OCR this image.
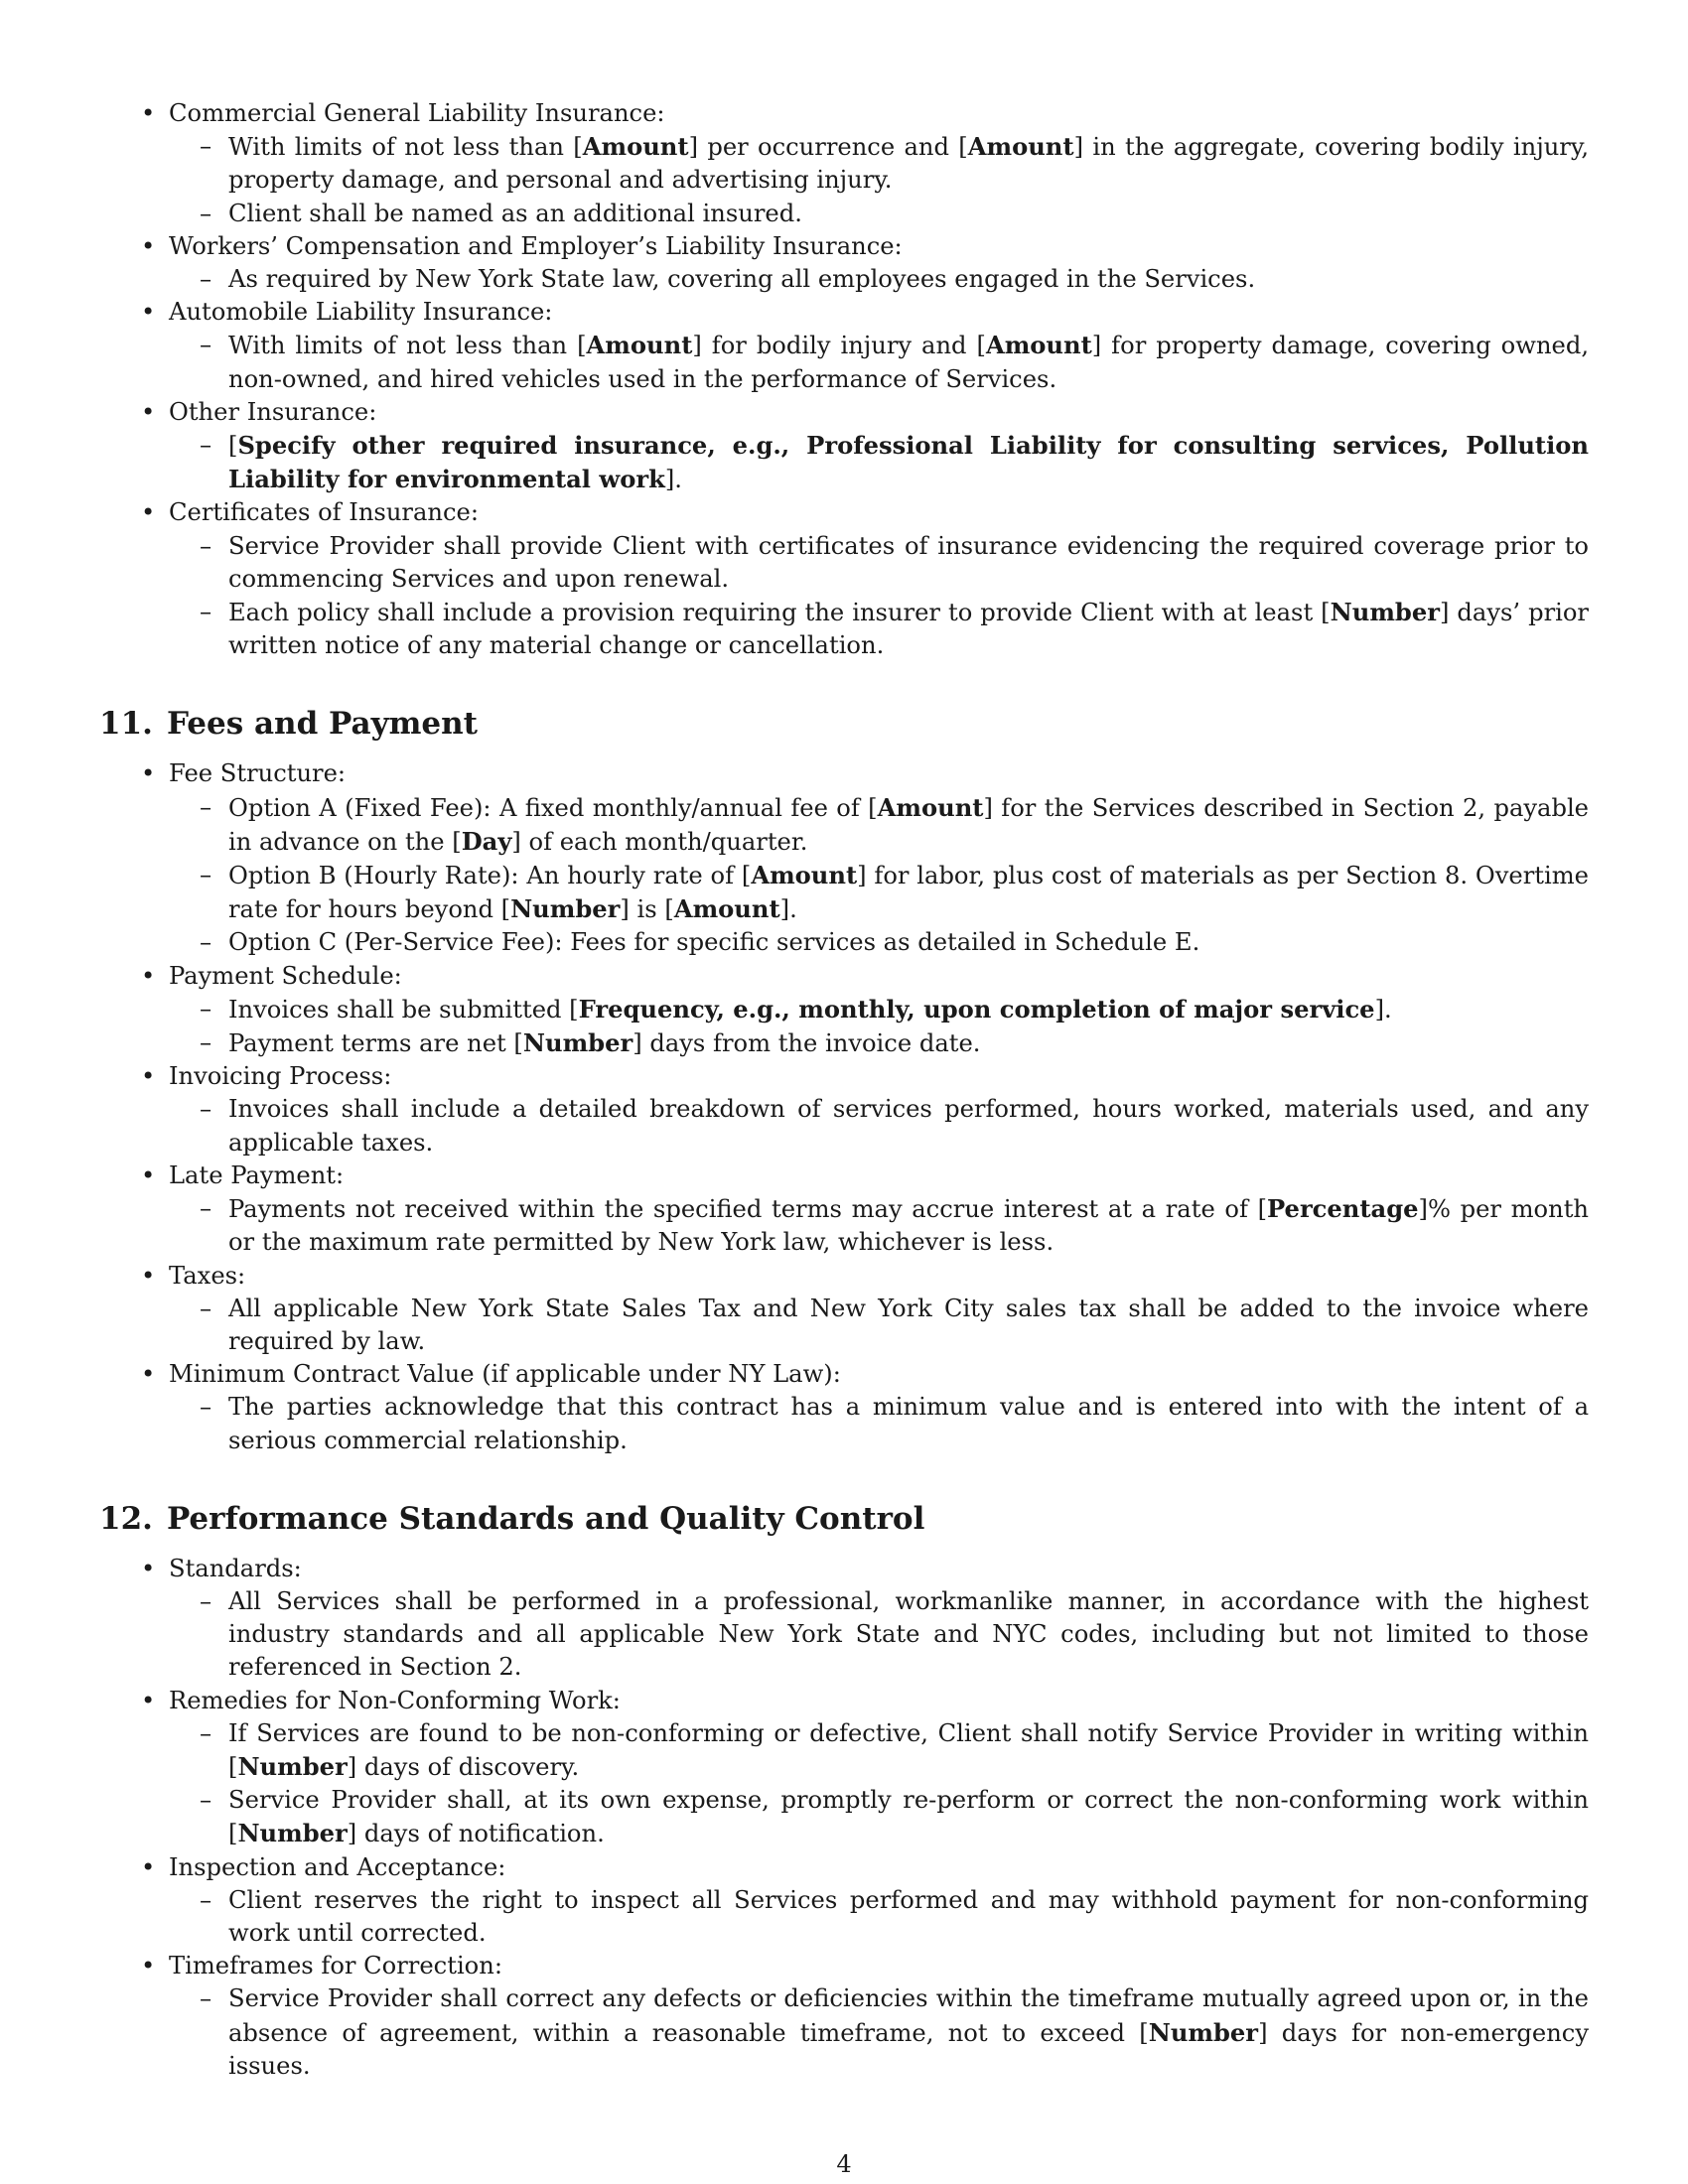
• Commercial General Liability Insurance:
– With limits of not less than [Amount] per occurrence and [Amount] in the aggregate, covering bodily injury, property damage, and personal and advertising injury.
– Client shall be named as an additional insured.
• Workers’ Compensation and Employer’s Liability Insurance:
– As required by New York State law, covering all employees engaged in the Services.
• Automobile Liability Insurance:
– With limits of not less than [Amount] for bodily injury and [Amount] for property damage, covering owned, non-owned, and hired vehicles used in the performance of Services.
• Other Insurance:
– [Specify other required insurance, e.g., Professional Liability for consulting services, Pollution Liability for environmental work].
• Certificates of Insurance:
– Service Provider shall provide Client with certificates of insurance evidencing the required coverage prior to commencing Services and upon renewal.
– Each policy shall include a provision requiring the insurer to provide Client with at least [Number] days’ prior written notice of any material change or cancellation.
11. Fees and Payment
• Fee Structure:
– Option A (Fixed Fee): A fixed monthly/annual fee of [Amount] for the Services described in Section 2, payable in advance on the [Day] of each month/quarter.
– Option B (Hourly Rate): An hourly rate of [Amount] for labor, plus cost of materials as per Section 8. Overtime rate for hours beyond [Number] is [Amount].
– Option C (Per-Service Fee): Fees for specific services as detailed in Schedule E.
• Payment Schedule:
– Invoices shall be submitted [Frequency, e.g., monthly, upon completion of major service].
– Payment terms are net [Number] days from the invoice date.
• Invoicing Process:
– Invoices shall include a detailed breakdown of services performed, hours worked, materials used, and any applicable taxes.
• Late Payment:
– Payments not received within the specified terms may accrue interest at a rate of [Percentage]% per month or the maximum rate permitted by New York law, whichever is less.
• Taxes:
– All applicable New York State Sales Tax and New York City sales tax shall be added to the invoice where required by law.
• Minimum Contract Value (if applicable under NY Law):
– The parties acknowledge that this contract has a minimum value and is entered into with the intent of a serious commercial relationship.
12. Performance Standards and Quality Control
• Standards:
– All Services shall be performed in a professional, workmanlike manner, in accordance with the highest industry standards and all applicable New York State and NYC codes, including but not limited to those referenced in Section 2.
• Remedies for Non-Conforming Work:
– If Services are found to be non-conforming or defective, Client shall notify Service Provider in writing within [Number] days of discovery.
– Service Provider shall, at its own expense, promptly re-perform or correct the non-conforming work within [Number] days of notification.
• Inspection and Acceptance:
– Client reserves the right to inspect all Services performed and may withhold payment for non-conforming work until corrected.
• Timeframes for Correction:
– Service Provider shall correct any defects or deficiencies within the timeframe mutually agreed upon or, in the absence of agreement, within a reasonable timeframe, not to exceed [Number] days for non-emergency issues.
4
